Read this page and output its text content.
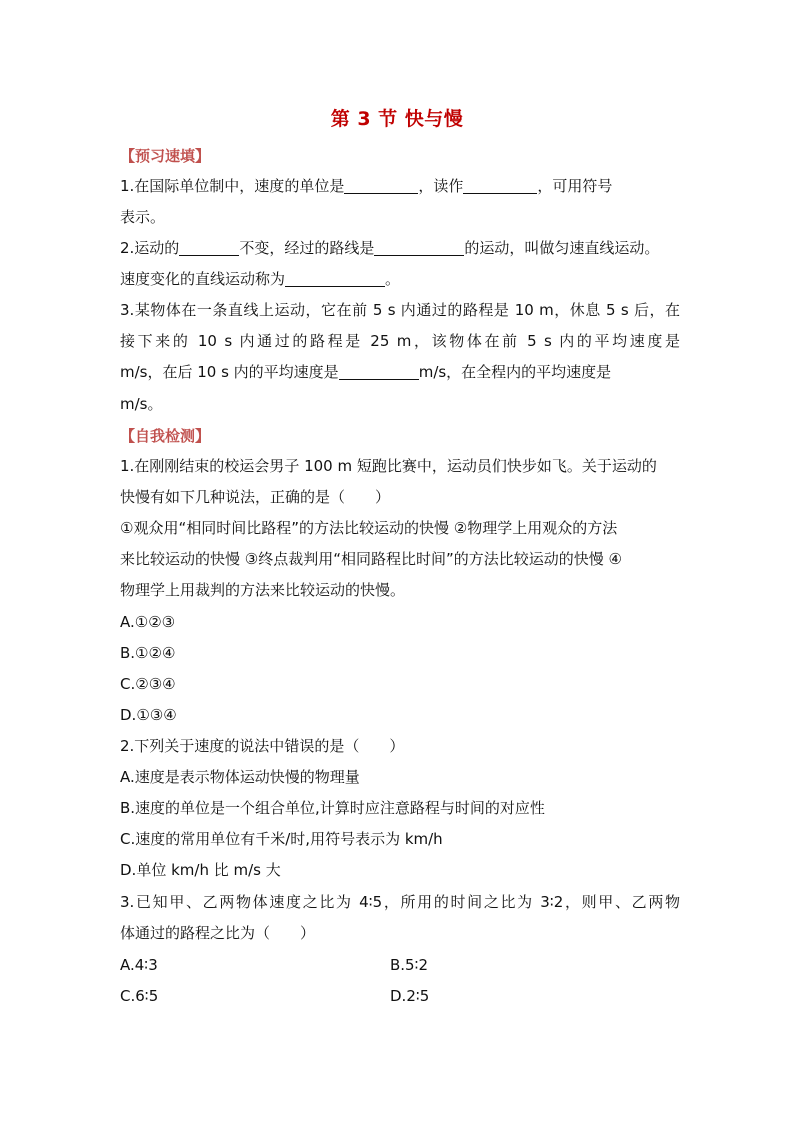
第 3 节 快与慢
【预习速填】
1.在国际单位制中，速度的单位是	，读作	，可用符号
表示。
2.运动的	不变，经过的路线是	的运动，叫做匀速直线运动。
速度变化的直线运动称为	。
3.某物体在一条直线上运动，它在前 5 s 内通过的路程是 10 m，休息 5 s 后，在
接下来的 10 s 内通过的路程是 25 m，该物体在前 5 s 内的平均速度是
m/s，在后 10 s 内的平均速度是	m/s，在全程内的平均速度是
m/s。
【自我检测】
1.在刚刚结束的校运会男子 100 m 短跑比赛中，运动员们快步如飞。关于运动的
快慢有如下几种说法，正确的是（　　）
①观众用“相同时间比路程”的方法比较运动的快慢 ②物理学上用观众的方法
来比较运动的快慢 ③终点裁判用“相同路程比时间”的方法比较运动的快慢 ④
物理学上用裁判的方法来比较运动的快慢。
A.①②③
B.①②④
C.②③④
D.①③④
2.下列关于速度的说法中错误的是（　　）
A.速度是表示物体运动快慢的物理量
B.速度的单位是一个组合单位,计算时应注意路程与时间的对应性
C.速度的常用单位有千米/时,用符号表示为 km/h
D.单位 km/h 比 m/s 大
3.已知甲、乙两物体速度之比为 4∶5，所用的时间之比为 3∶2，则甲、乙两物
体通过的路程之比为（　　）
A.4∶3	B.5∶2
C.6∶5	D.2∶5
